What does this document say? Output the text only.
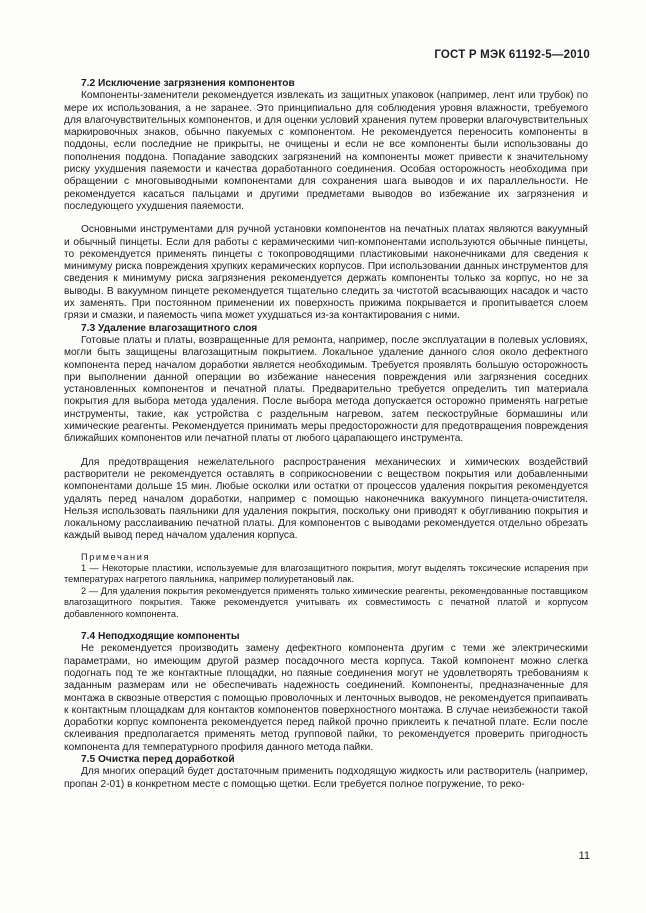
ГОСТ Р МЭК 61192-5—2010

7.2 Исключение загрязнения компонентов

Компоненты-заменители рекомендуется извлекать из защитных упаковок (например, лент или трубок) по мере их использования, а не заранее. Это принципиально для соблюдения уровня влажности, требуемого для влагочувствительных компонентов, и для оценки условий хранения путем проверки влагочувствительных маркировочных знаков, обычно пакуемых с компонентом. Не рекомендуется переносить компоненты в поддоны, если последние не прикрыты, не очищены и если не все компоненты были использованы до пополнения поддона. Попадание заводских загрязнений на компоненты может привести к значительному риску ухудшения паяемости и качества доработанного соединения. Особая осторожность необходима при обращении с многовыводными компонентами для сохранения шага выводов и их параллельности. Не рекомендуется касаться пальцами и другими предметами выводов во избежание их загрязнения и последующего ухудшения паяемости.

Основными инструментами для ручной установки компонентов на печатных платах являются вакуумный и обычный пинцеты. Если для работы с керамическими чип-компонентами используются обычные пинцеты, то рекомендуется применять пинцеты с токопроводящими пластиковыми наконечниками для сведения к минимуму риска повреждения хрупких керамических корпусов. При использовании данных инструментов для сведения к минимуму риска загрязнения рекомендуется держать компоненты только за корпус, но не за выводы. В вакуумном пинцете рекомендуется тщательно следить за чистотой всасывающих насадок и часто их заменять. При постоянном применении их поверхность прижима покрывается и пропитывается слоем грязи и смазки, и паяемость чипа может ухудшаться из-за контактирования с ними.

7.3 Удаление влагозащитного слоя

Готовые платы и платы, возвращенные для ремонта, например, после эксплуатации в полевых условиях, могли быть защищены влагозащитным покрытием. Локальное удаление данного слоя около дефектного компонента перед началом доработки является необходимым. Требуется проявлять большую осторожность при выполнении данной операции во избежание нанесения повреждения или загрязнения соседних установленных компонентов и печатной платы. Предварительно требуется определить тип материала покрытия для выбора метода удаления. После выбора метода допускается осторожно применять нагретые инструменты, такие, как устройства с раздельным нагревом, затем пескоструйные бормашины или химические реагенты. Рекомендуется принимать меры предосторожности для предотвращения повреждения ближайших компонентов или печатной платы от любого царапающего инструмента.

Для предотвращения нежелательного распространения механических и химических воздействий растворители не рекомендуется оставлять в соприкосновении с веществом покрытия или добавленными компонентами дольше 15 мин. Любые осколки или остатки от процессов удаления покрытия рекомендуется удалять перед началом доработки, например с помощью наконечника вакуумного пинцета-очистителя. Нельзя использовать паяльники для удаления покрытия, поскольку они приводят к обугливанию покрытия и локальному расслаиванию печатной платы. Для компонентов с выводами рекомендуется отдельно обрезать каждый вывод перед началом удаления корпуса.

Примечания

1 — Некоторые пластики, используемые для влагозащитного покрытия, могут выделять токсические испарения при температурах нагретого паяльника, например полиуретановый лак.

2 — Для удаления покрытия рекомендуется применять только химические реагенты, рекомендованные поставщиком влагозащитного покрытия. Также рекомендуется учитывать их совместимость с печатной платой и корпусом добавленного компонента.

7.4 Неподходящие компоненты

Не рекомендуется производить замену дефектного компонента другим с теми же электрическими параметрами, но имеющим другой размер посадочного места корпуса. Такой компонент можно слегка подогнать под те же контактные площадки, но паяные соединения могут не удовлетворять требованиям к заданным размерам или не обеспечивать надежность соединений. Компоненты, предназначенные для монтажа в сквозные отверстия с помощью проволочных и ленточных выводов, не рекомендуется припаивать к контактным площадкам для контактов компонентов поверхностного монтажа. В случае неизбежности такой доработки корпус компонента рекомендуется перед пайкой прочно приклеить к печатной плате. Если после склеивания предполагается применять метод групповой пайки, то рекомендуется проверить пригодность компонента для температурного профиля данного метода пайки.

7.5 Очистка перед доработкой

Для многих операций будет достаточным применить подходящую жидкость или растворитель (например, пропан 2-01) в конкретном месте с помощью щетки. Если требуется полное погружение, то реко-

11
